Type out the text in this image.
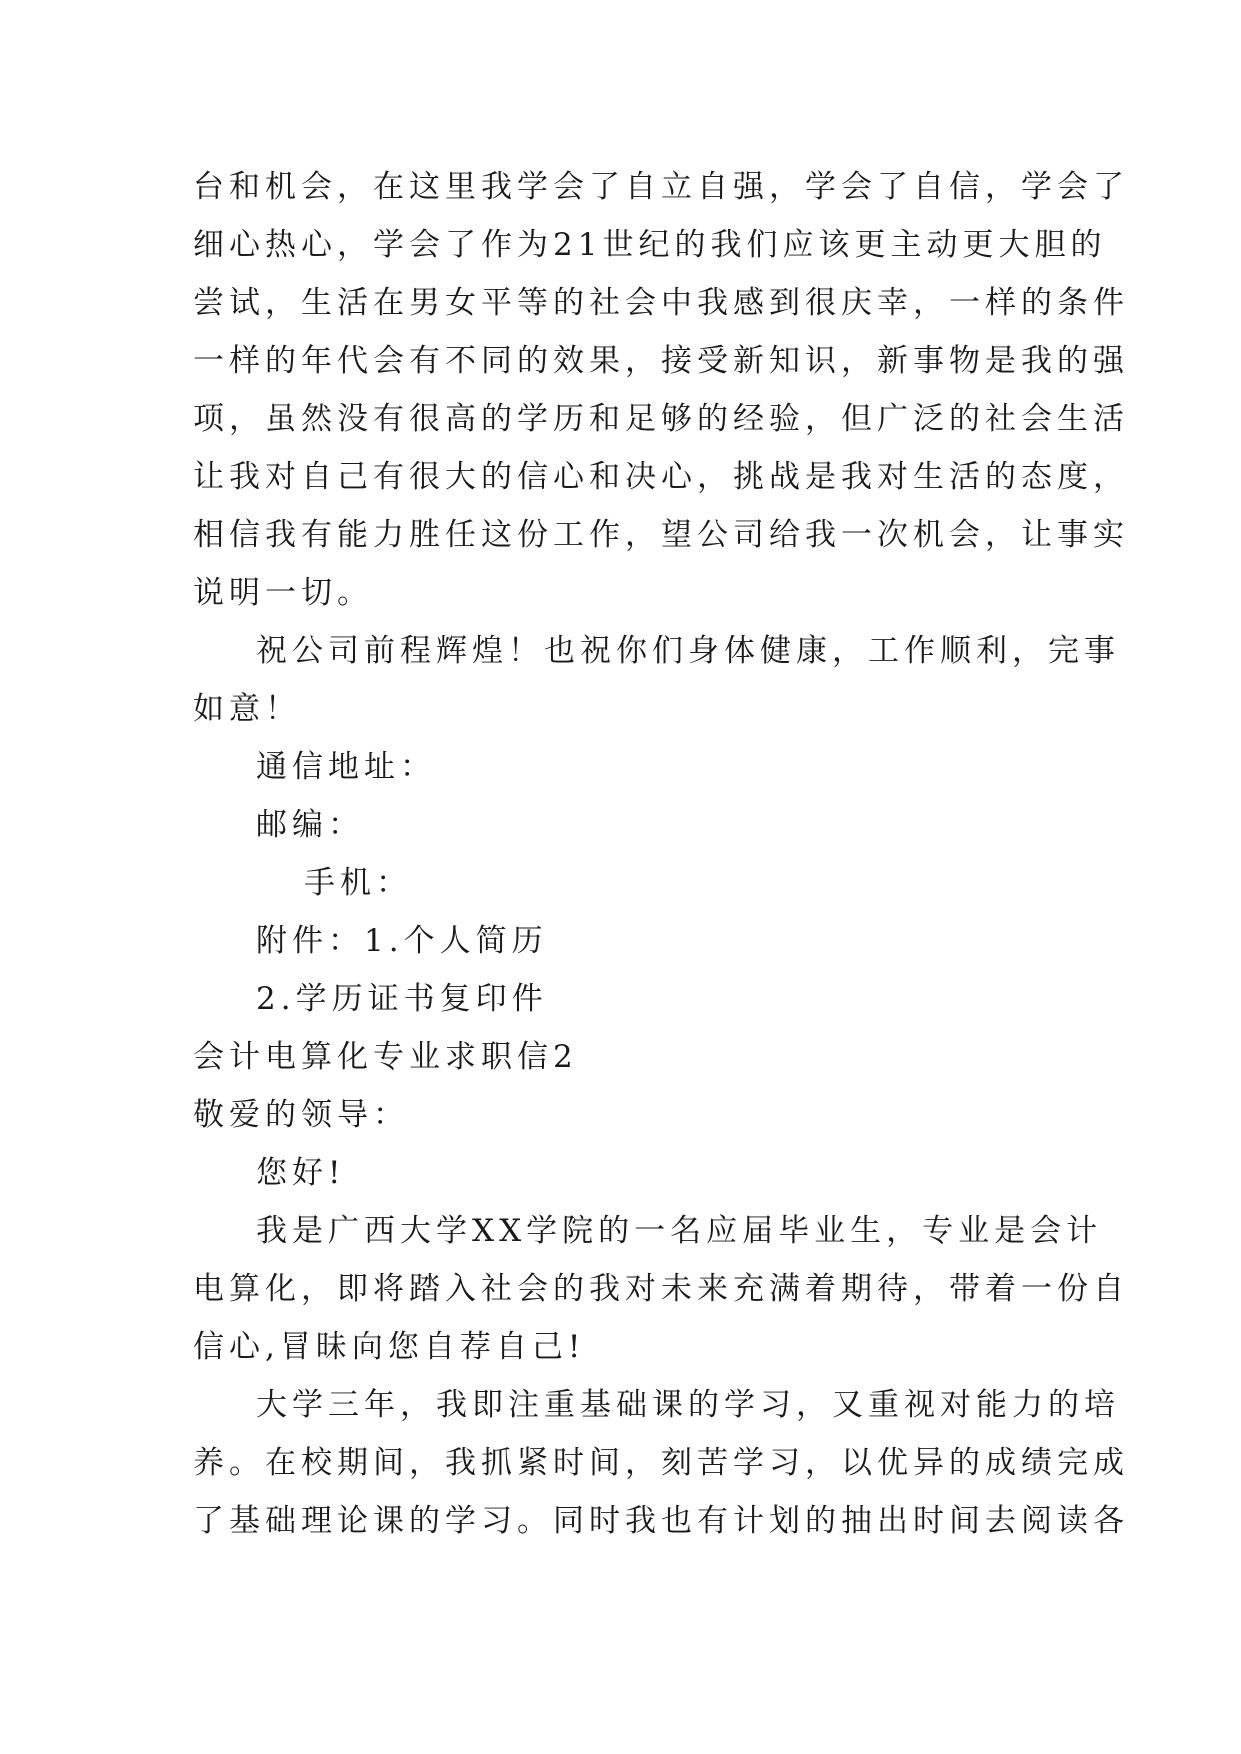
台和机会，在这里我学会了自立自强，学会了自信，学会了
细心热心，学会了作为21世纪的我们应该更主动更大胆的
尝试，生活在男女平等的社会中我感到很庆幸，一样的条件
一样的年代会有不同的效果，接受新知识，新事物是我的强
项，虽然没有很高的学历和足够的经验，但广泛的社会生活
让我对自己有很大的信心和决心，挑战是我对生活的态度，
相信我有能力胜任这份工作，望公司给我一次机会，让事实
说明一切。
祝公司前程辉煌！也祝你们身体健康，工作顺利，完事
如意！
通信地址：
邮编：
手机：
附件：1.个人简历
2.学历证书复印件
会计电算化专业求职信2
敬爱的领导：
您好!
我是广西大学XX学院的一名应届毕业生，专业是会计
电算化，即将踏入社会的我对未来充满着期待，带着一份自
信心,冒昧向您自荐自己!
大学三年，我即注重基础课的学习，又重视对能力的培
养。在校期间，我抓紧时间，刻苦学习，以优异的成绩完成
了基础理论课的学习。同时我也有计划的抽出时间去阅读各
